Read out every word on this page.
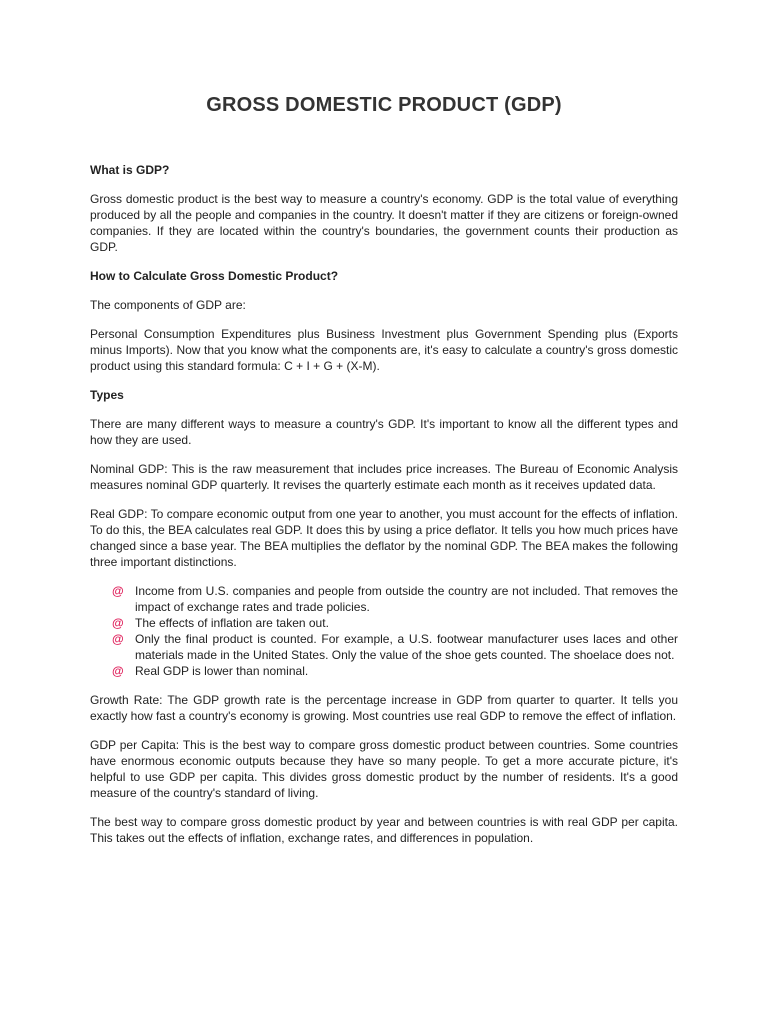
GROSS DOMESTIC PRODUCT (GDP)
What is GDP?

Gross domestic product is the best way to measure a country's economy. GDP is the total value of everything produced by all the people and companies in the country. It doesn't matter if they are citizens or foreign-owned companies. If they are located within the country's boundaries, the government counts their production as GDP.

How to Calculate Gross Domestic Product?

The components of GDP are:

Personal Consumption Expenditures plus Business Investment plus Government Spending plus (Exports minus Imports). Now that you know what the components are, it's easy to calculate a country's gross domestic product using this standard formula: C + I + G + (X-M).

Types

There are many different ways to measure a country's GDP. It's important to know all the different types and how they are used.

Nominal GDP: This is the raw measurement that includes price increases. The Bureau of Economic Analysis measures nominal GDP quarterly. It revises the quarterly estimate each month as it receives updated data.

Real GDP: To compare economic output from one year to another, you must account for the effects of inflation. To do this, the BEA calculates real GDP. It does this by using a price deflator. It tells you how much prices have changed since a base year. The BEA multiplies the deflator by the nominal GDP. The BEA makes the following three important distinctions.

@ Income from U.S. companies and people from outside the country are not included. That removes the impact of exchange rates and trade policies.
@ The effects of inflation are taken out.
@ Only the final product is counted. For example, a U.S. footwear manufacturer uses laces and other materials made in the United States. Only the value of the shoe gets counted. The shoelace does not.
@ Real GDP is lower than nominal.

Growth Rate: The GDP growth rate is the percentage increase in GDP from quarter to quarter. It tells you exactly how fast a country's economy is growing. Most countries use real GDP to remove the effect of inflation.

GDP per Capita: This is the best way to compare gross domestic product between countries. Some countries have enormous economic outputs because they have so many people. To get a more accurate picture, it's helpful to use GDP per capita. This divides gross domestic product by the number of residents. It's a good measure of the country's standard of living.

The best way to compare gross domestic product by year and between countries is with real GDP per capita. This takes out the effects of inflation, exchange rates, and differences in population.
